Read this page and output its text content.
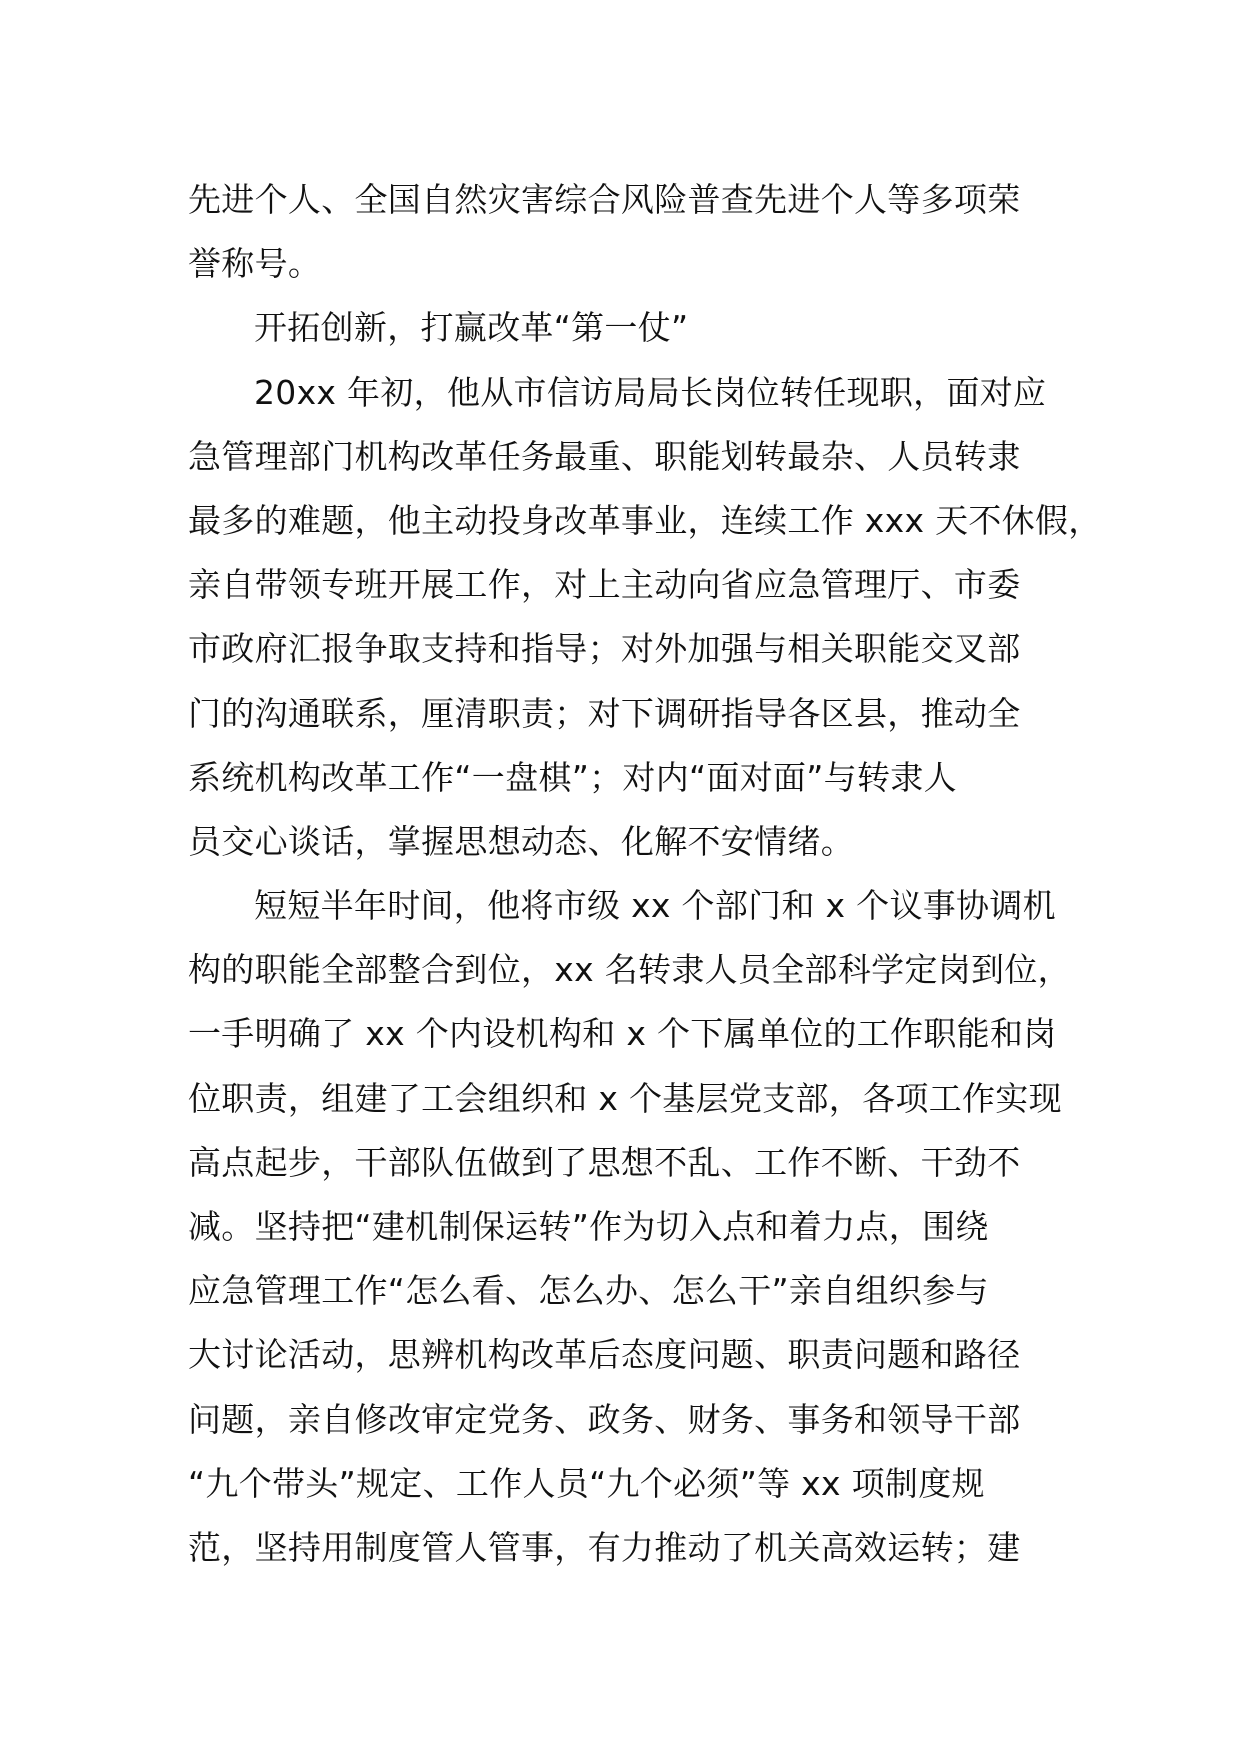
先进个人、全国自然灾害综合风险普查先进个人等多项荣
誉称号。
开拓创新，打赢改革“第一仗”
20xx 年初，他从市信访局局长岗位转任现职，面对应
急管理部门机构改革任务最重、职能划转最杂、人员转隶
最多的难题，他主动投身改革事业，连续工作 xxx 天不休假，
亲自带领专班开展工作，对上主动向省应急管理厅、市委
市政府汇报争取支持和指导；对外加强与相关职能交叉部
门的沟通联系，厘清职责；对下调研指导各区县，推动全
系统机构改革工作“一盘棋”；对内“面对面”与转隶人
员交心谈话，掌握思想动态、化解不安情绪。
短短半年时间，他将市级 xx 个部门和 x 个议事协调机
构的职能全部整合到位，xx 名转隶人员全部科学定岗到位，
一手明确了 xx 个内设机构和 x 个下属单位的工作职能和岗
位职责，组建了工会组织和 x 个基层党支部，各项工作实现
高点起步，干部队伍做到了思想不乱、工作不断、干劲不
减。坚持把“建机制保运转”作为切入点和着力点，围绕
应急管理工作“怎么看、怎么办、怎么干”亲自组织参与
大讨论活动，思辨机构改革后态度问题、职责问题和路径
问题，亲自修改审定党务、政务、财务、事务和领导干部
“九个带头”规定、工作人员“九个必须”等 xx 项制度规
范，坚持用制度管人管事，有力推动了机关高效运转；建
